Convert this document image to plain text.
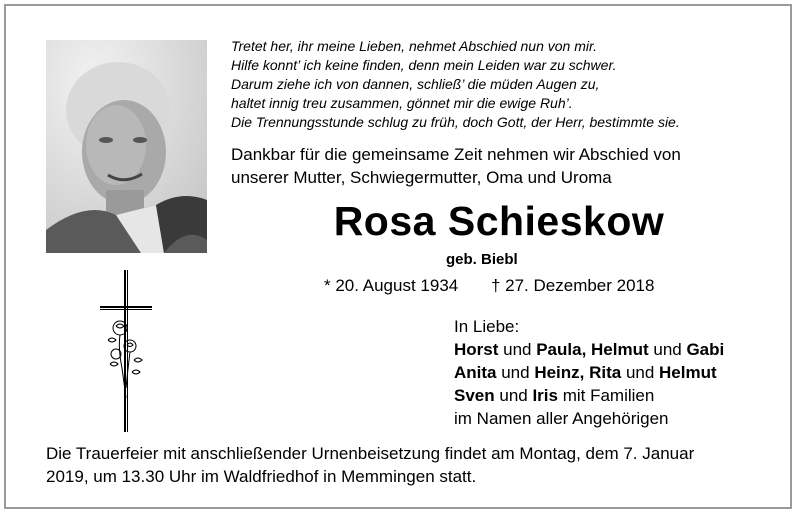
Tretet her, ihr meine Lieben, nehmet Abschied nun von mir.
Hilfe konnt’ ich keine finden, denn mein Leiden war zu schwer.
Darum ziehe ich von dannen, schließ’ die müden Augen zu,
haltet innig treu zusammen, gönnet mir die ewige Ruh’.
Die Trennungsstunde schlug zu früh, doch Gott, der Herr, bestimmte sie.
Dankbar für die gemeinsame Zeit nehmen wir Abschied von
unserer Mutter, Schwiegermutter, Oma und Uroma
Rosa Schieskow
geb. Biebl
* 20. August 1934 † 27. Dezember 2018
In Liebe:
Horst und Paula, Helmut und Gabi
Anita und Heinz, Rita und Helmut
Sven und Iris mit Familien
im Namen aller Angehörigen
Die Trauerfeier mit anschließender Urnenbeisetzung findet am Montag, dem 7. Januar
2019, um 13.30 Uhr im Waldfriedhof in Memmingen statt.
